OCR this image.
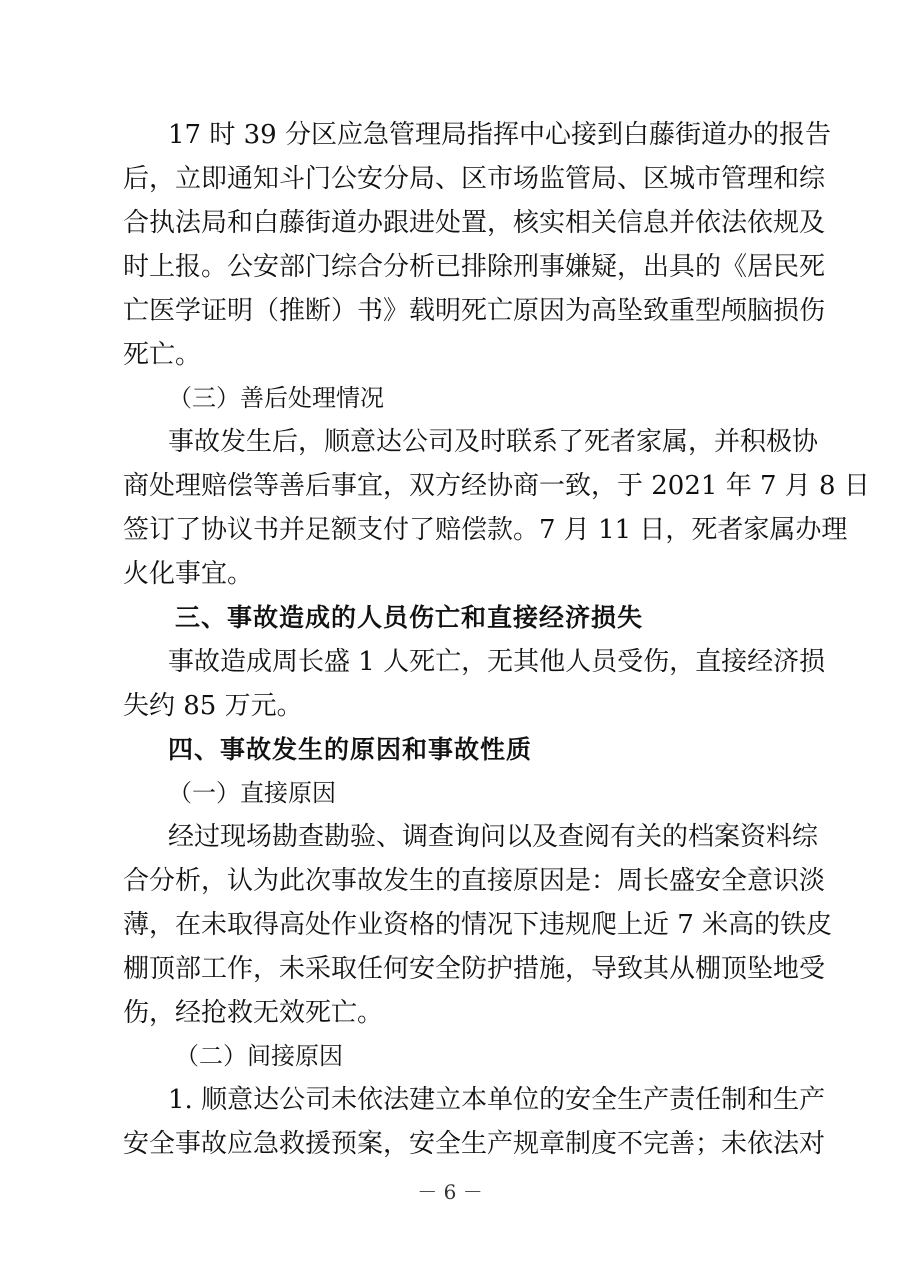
17 时 39 分区应急管理局指挥中心接到白藤街道办的报告
后，立即通知斗门公安分局、区市场监管局、区城市管理和综
合执法局和白藤街道办跟进处置，核实相关信息并依法依规及
时上报。公安部门综合分析已排除刑事嫌疑，出具的《居民死
亡医学证明（推断）书》载明死亡原因为高坠致重型颅脑损伤
死亡。
（三）善后处理情况
事故发生后，顺意达公司及时联系了死者家属，并积极协
商处理赔偿等善后事宜，双方经协商一致，于 2021 年 7 月 8 日
签订了协议书并足额支付了赔偿款。7 月 11 日，死者家属办理
火化事宜。
三、事故造成的人员伤亡和直接经济损失
事故造成周长盛 1 人死亡，无其他人员受伤，直接经济损
失约 85 万元。
四、事故发生的原因和事故性质
（一）直接原因
经过现场勘查勘验、调查询问以及查阅有关的档案资料综
合分析，认为此次事故发生的直接原因是：周长盛安全意识淡
薄，在未取得高处作业资格的情况下违规爬上近 7 米高的铁皮
棚顶部工作，未采取任何安全防护措施，导致其从棚顶坠地受
伤，经抢救无效死亡。
（二）间接原因
1. 顺意达公司未依法建立本单位的安全生产责任制和生产
安全事故应急救援预案，安全生产规章制度不完善；未依法对
－ 6 －
